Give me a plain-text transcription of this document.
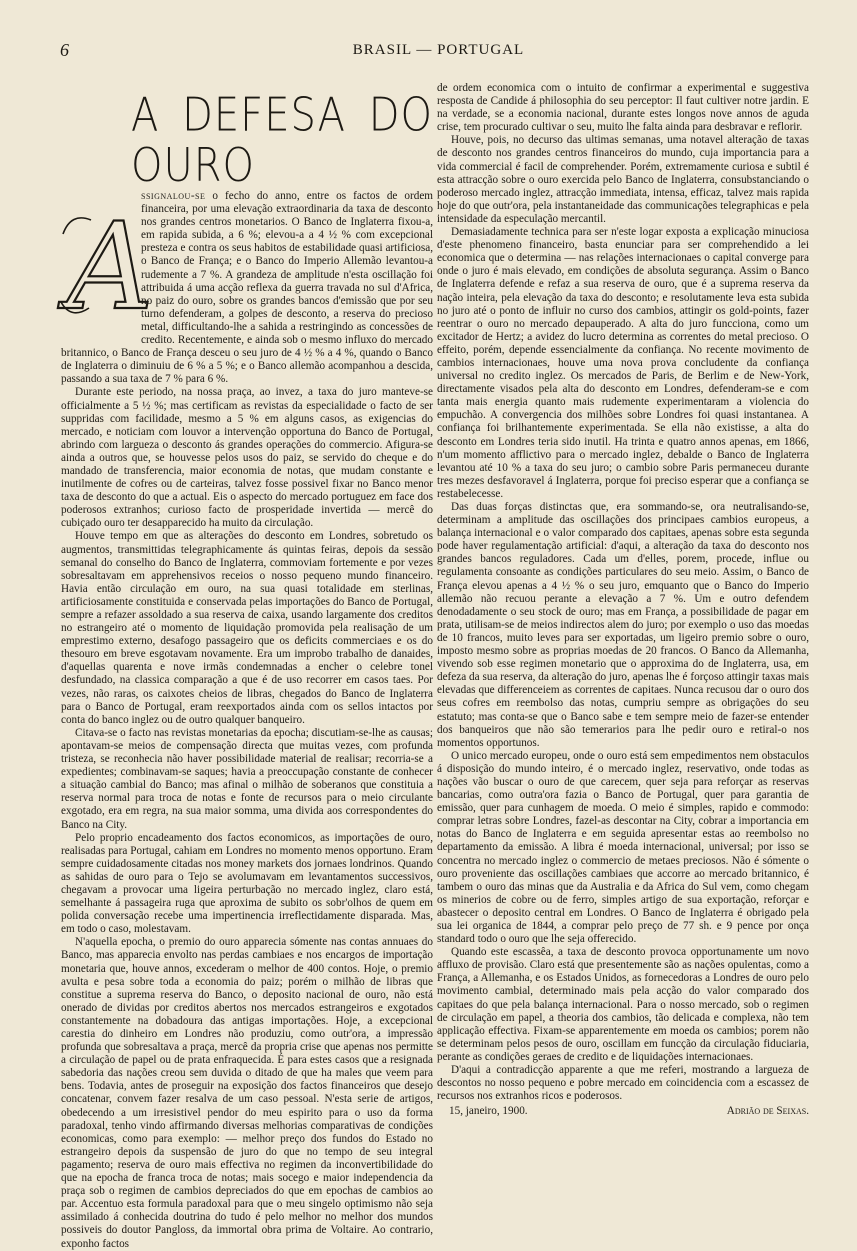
6	BRASIL — PORTUGAL
A DEFESA DO OURO
A

ssignalou-se o fecho do anno, entre os factos de ordem financeira, por uma elevação extraordinaria da taxa de desconto nos grandes centros monetarios. O Banco de Inglaterra fixou-a, em rapida subida, a 6 %; elevou-a a 4 ½ % com excepcional presteza e contra os seus habitos de estabilidade quasi artificiosa, o Banco de França; e o Banco do Imperio Allemão levantou-a rudemente a 7 %. A grandeza de amplitude n'esta oscillação foi attribuida á uma acção reflexa da guerra travada no sul d'Africa, no paiz do ouro, sobre os grandes bancos d'emissão que por seu turno defenderam, a golpes de desconto, a reserva do precioso metal, difficultando-lhe a sahida a restringindo as concessões de credito. Recentemente, e ainda sob o mesmo influxo do mercado britannico, o Banco de França desceu o seu juro de 4 ½ % a 4 %, quando o Banco de Inglaterra o diminuiu de 6 % a 5 %; e o Banco allemão acompanhou a descida, passando a sua taxa de 7 % para 6 %.

Durante este periodo, na nossa praça, ao invez, a taxa do juro manteve-se officialmente a 5 ½ %; mas certificam as revistas da especialidade o facto de ser suppridas com facilidade, mesmo a 5 % em alguns casos, as exigencias do mercado, e noticiam com louvor a intervenção opportuna do Banco de Portugal, abrindo com largueza o desconto ás grandes operações do commercio. Afigura-se ainda a outros que, se houvesse pelos usos do paiz, se servido do cheque e do mandado de transferencia, maior economia de notas, que mudam constante e inutilmente de cofres ou de carteiras, talvez fosse possivel fixar no Banco menor taxa de desconto do que a actual. Eis o aspecto do mercado portuguez em face dos poderosos extranhos; curioso facto de prosperidade invertida — mercê do cubiçado ouro ter desapparecido ha muito da circulação.

Houve tempo em que as alterações do desconto em Londres, sobretudo os augmentos, transmittidas telegraphicamente ás quintas feiras, depois da sessão semanal do conselho do Banco de Inglaterra, commoviam fortemente e por vezes sobresaltavam em apprehensivos receios o nosso pequeno mundo financeiro. Havia então circulação em ouro, na sua quasi totalidade em sterlinas, artificiosamente constituida e conservada pelas importações do Banco de Portugal, sempre a refazer assoldado a sua reserva de caixa, usando largamente dos creditos no estrangeiro até o momento de liquidação promovida pela realisação de um emprestimo externo, desafogo passageiro que os deficits commerciaes e os do thesouro em breve esgotavam novamente. Era um improbo trabalho de danaides, d'aquellas quarenta e nove irmãs condemnadas a encher o celebre tonel desfundado, na classica comparação a que é de uso recorrer em casos taes. Por vezes, não raras, os caixotes cheios de libras, chegados do Banco de Inglaterra para o Banco de Portugal, eram reexportados ainda com os sellos intactos por conta do banco inglez ou de outro qualquer banqueiro.

Citava-se o facto nas revistas monetarias da epocha; discutiam-se-lhe as causas; apontavam-se meios de compensação directa que muitas vezes, com profunda tristeza, se reconhecia não haver possibilidade material de realisar; recorria-se a expedientes; combinavam-se saques; havia a preoccupação constante de conhecer a situação cambial do Banco; mas afinal o milhão de soberanos que constituia a reserva normal para troca de notas e fonte de recursos para o meio circulante exgotado, era em regra, na sua maior somma, uma divida aos correspondentes do Banco na City.

Pelo proprio encadeamento dos factos economicos, as importações de ouro, realisadas para Portugal, cahiam em Londres no momento menos opportuno. Eram sempre cuidadosamente citadas nos money markets dos jornaes londrinos. Quando as sahidas de ouro para o Tejo se avolumavam em levantamentos successivos, chegavam a provocar uma ligeira perturbação no mercado inglez, claro está, semelhante á passageira ruga que aproxima de subito os sobr'olhos de quem em polida conversação recebe uma impertinencia irreflectidamente disparada. Mas, em todo o caso, molestavam.

N'aquella epocha, o premio do ouro apparecia sómente nas contas annuaes do Banco, mas apparecia envolto nas perdas cambiaes e nos encargos de importação monetaria que, houve annos, excederam o melhor de 400 contos. Hoje, o premio avulta e pesa sobre toda a economia do paiz; porém o milhão de libras que constitue a suprema reserva do Banco, o deposito nacional de ouro, não está onerado de dividas por creditos abertos nos mercados estrangeiros e exgotados constantemente na dobadoura das antigas importações. Hoje, a excepcional carestia do dinheiro em Londres não produziu, como outr'ora, a impressão profunda que sobresaltava a praça, mercê da propria crise que apenas nos permitte a circulação de papel ou de prata enfraquecida. É para estes casos que a resignada sabedoria das nações creou sem duvida o ditado de que ha males que veem para bens. Todavia, antes de proseguir na exposição dos factos financeiros que desejo concatenar, convem fazer resalva de um caso pessoal. N'esta serie de artigos, obedecendo a um irresistivel pendor do meu espirito para o uso da forma paradoxal, tenho vindo affirmando diversas melhorias comparativas de condições economicas, como para exemplo: — melhor preço dos fundos do Estado no estrangeiro depois da suspensão de juro do que no tempo de seu integral pagamento; reserva de ouro mais effectiva no regimen da inconvertibilidade do que na epocha de franca troca de notas; mais socego e maior independencia da praça sob o regimen de cambios depreciados do que em epochas de cambios ao par. Accentuo esta formula paradoxal para que o meu singelo optimismo não seja assimilado á conhecida doutrina do tudo é pelo melhor no melhor dos mundos possiveis do doutor Pangloss, da immortal obra prima de Voltaire. Ao contrario, exponho factos

de ordem economica com o intuito de confirmar a experimental e suggestiva resposta de Candide á philosophia do seu perceptor: Il faut cultiver notre jardin. E na verdade, se a economia nacional, durante estes longos nove annos de aguda crise, tem procurado cultivar o seu, muito lhe falta ainda para desbravar e reflorir.

Houve, pois, no decurso das ultimas semanas, uma notavel alteração de taxas de desconto nos grandes centros financeiros do mundo, cuja importancia para a vida commercial é facil de comprehender. Porém, extremamente curiosa e subtil é esta attracção sobre o ouro exercida pelo Banco de Inglaterra, consubstanciando o poderoso mercado inglez, attracção immediata, intensa, efficaz, talvez mais rapida hoje do que outr'ora, pela instantaneidade das communicações telegraphicas e pela intensidade da especulação mercantil.

Demasiadamente technica para ser n'este logar exposta a explicação minuciosa d'este phenomeno financeiro, basta enunciar para ser comprehendido a lei economica que o determina — nas relações internacionaes o capital converge para onde o juro é mais elevado, em condições de absoluta segurança. Assim o Banco de Inglaterra defende e refaz a sua reserva de ouro, que é a suprema reserva da nação inteira, pela elevação da taxa do desconto; e resolutamente leva esta subida no juro até o ponto de influir no curso dos cambios, attingir os gold-points, fazer reentrar o ouro no mercado depauperado. A alta do juro funcciona, como um excitador de Hertz; a avidez do lucro determina as correntes do metal precioso. O effeito, porém, depende essencialmente da confiança. No recente movimento de cambios internacionaes, houve uma nova prova concludente da confiança universal no credito inglez. Os mercados de Paris, de Berlim e de New-York, directamente visados pela alta do desconto em Londres, defenderam-se e com tanta mais energia quanto mais rudemente experimentaram a violencia do empuchão. A convergencia dos milhões sobre Londres foi quasi instantanea. A confiança foi brilhantemente experimentada. Se ella não existisse, a alta do desconto em Londres teria sido inutil. Ha trinta e quatro annos apenas, em 1866, n'um momento afflictivo para o mercado inglez, debalde o Banco de Inglaterra levantou até 10 % a taxa do seu juro; o cambio sobre Paris permaneceu durante tres mezes desfavoravel á Inglaterra, porque foi preciso esperar que a confiança se restabelecesse.

Das duas forças distinctas que, era sommando-se, ora neutralisando-se, determinam a amplitude das oscillações dos principaes cambios europeus, a balança internacional e o valor comparado dos capitaes, apenas sobre esta segunda pode haver regulamentação artificial: d'aqui, a alteração da taxa do desconto nos grandes bancos reguladores. Cada um d'elles, porem, procede, influe ou regulamenta consoante as condições particulares do seu meio. Assim, o Banco de França elevou apenas a 4 ½ % o seu juro, emquanto que o Banco do Imperio allemão não recuou perante a elevação a 7 %. Um e outro defendem denodadamente o seu stock de ouro; mas em França, a possibilidade de pagar em prata, utilisam-se de meios indirectos alem do juro; por exemplo o uso das moedas de 10 francos, muito leves para ser exportadas, um ligeiro premio sobre o ouro, imposto mesmo sobre as proprias moedas de 20 francos. O Banco da Allemanha, vivendo sob esse regimen monetario que o approxima do de Inglaterra, usa, em defeza da sua reserva, da alteração do juro, apenas lhe é forçoso attingir taxas mais elevadas que differenceiem as correntes de capitaes. Nunca recusou dar o ouro dos seus cofres em reembolso das notas, cumpriu sempre as obrigações do seu estatuto; mas conta-se que o Banco sabe e tem sempre meio de fazer-se entender dos banqueiros que não são temerarios para lhe pedir ouro e retiral-o nos momentos opportunos.

O unico mercado europeu, onde o ouro está sem empedimentos nem obstaculos á disposição do mundo inteiro, é o mercado inglez, reservativo, onde todas as nações vão buscar o ouro de que carecem, quer seja para reforçar as reservas bancarias, como outra'ora fazia o Banco de Portugal, quer para garantia de emissão, quer para cunhagem de moeda. O meio é simples, rapido e commodo: comprar letras sobre Londres, fazel-as descontar na City, cobrar a importancia em notas do Banco de Inglaterra e em seguida apresentar estas ao reembolso no departamento da emissão. A libra é moeda internacional, universal; por isso se concentra no mercado inglez o commercio de metaes preciosos. Não é sómente o ouro proveniente das oscillações cambiaes que accorre ao mercado britannico, é tambem o ouro das minas que da Australia e da Africa do Sul vem, como chegam os minerios de cobre ou de ferro, simples artigo de sua exportação, reforçar e abastecer o deposito central em Londres. O Banco de Inglaterra é obrigado pela sua lei organica de 1844, a comprar pelo preço de 77 sh. e 9 pence por onça standard todo o ouro que lhe seja offerecido.

Quando este escassêa, a taxa de desconto provoca opportunamente um novo affluxo de provisão. Claro está que presentemente são as nações opulentas, como a França, a Allemanha, e os Estados Unidos, as fornecedoras a Londres de ouro pelo movimento cambial, determinado mais pela acção do valor comparado dos capitaes do que pela balança internacional. Para o nosso mercado, sob o regimen de circulação em papel, a theoria dos cambios, tão delicada e complexa, não tem applicação effectiva. Fixam-se apparentemente em moeda os cambios; porem não se determinam pelos pesos de ouro, oscillam em funcção da circulação fiduciaria, perante as condições geraes de credito e de liquidações internacionaes.

D'aqui a contradicção apparente a que me referi, mostrando a largueza de descontos no nosso pequeno e pobre mercado em coincidencia com a escassez de recursos nos extranhos ricos e poderosos.

15, janeiro, 1900.	Adrião de Seixas.
